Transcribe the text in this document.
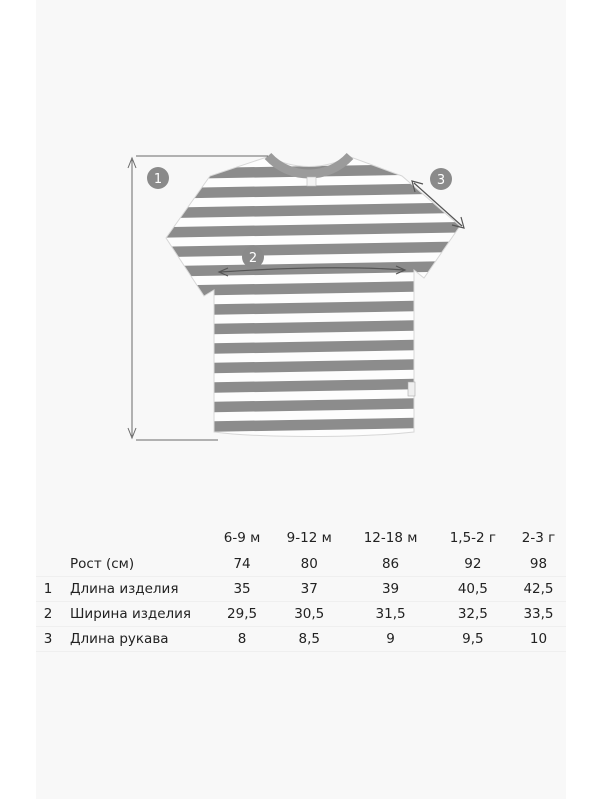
1
2
3
		6-9 м	9-12 м	12-18 м	1,5-2 г	2-3 г
	Рост (см)	74	80	86	92	98
1	Длина изделия	35	37	39	40,5	42,5
2	Ширина изделия	29,5	30,5	31,5	32,5	33,5
3	Длина рукава	8	8,5	9	9,5	10
